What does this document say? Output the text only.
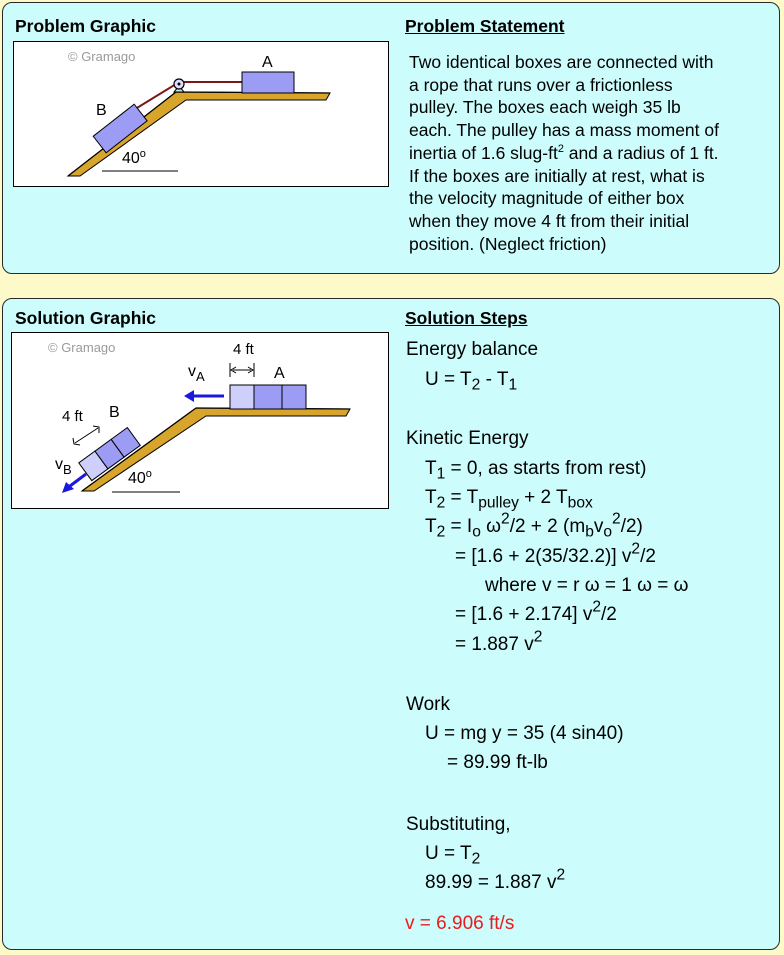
Problem Graphic	Problem Statement
© Gramago	A
B
40$^o$
Two identical boxes are connected with
a rope that runs over a frictionless
pulley. The boxes each weigh 35 lb
each. The pulley has a mass moment of
inertia of 1.6 slug-$ft^2$ and a radius of 1 ft.
If the boxes are initially at rest, what is
the velocity magnitude of either box
when they move 4 ft from their initial
position. (Neglect friction)
Solution Graphic	Solution Steps
© Gramago
A
4 ft
$v_A$
B
4 ft
$v_B$
40$^o$
Energy balance
$U = T_2 - T_1$
Kinetic Energy
$T_1 = 0$, as starts from rest)
$T_2 = T_{pulley} + 2$ $T_{box}$
$T_2 = I_o$ $\omega^2/2 + 2$ $(m_bv_o^2/2)$
= [1.6 + 2(35/32.2)] $v^2/2$
where v = r ω = 1 ω = ω
= [1.6 + 2.174] $v^2/2$
= 1.887 $v^2$
Work
U = mg y = 35 (4 sin40)
= 89.99 ft-lb
Substituting,
$U = T_2$
89.99 = 1.887 $v^2$
v = 6.906 ft/s
